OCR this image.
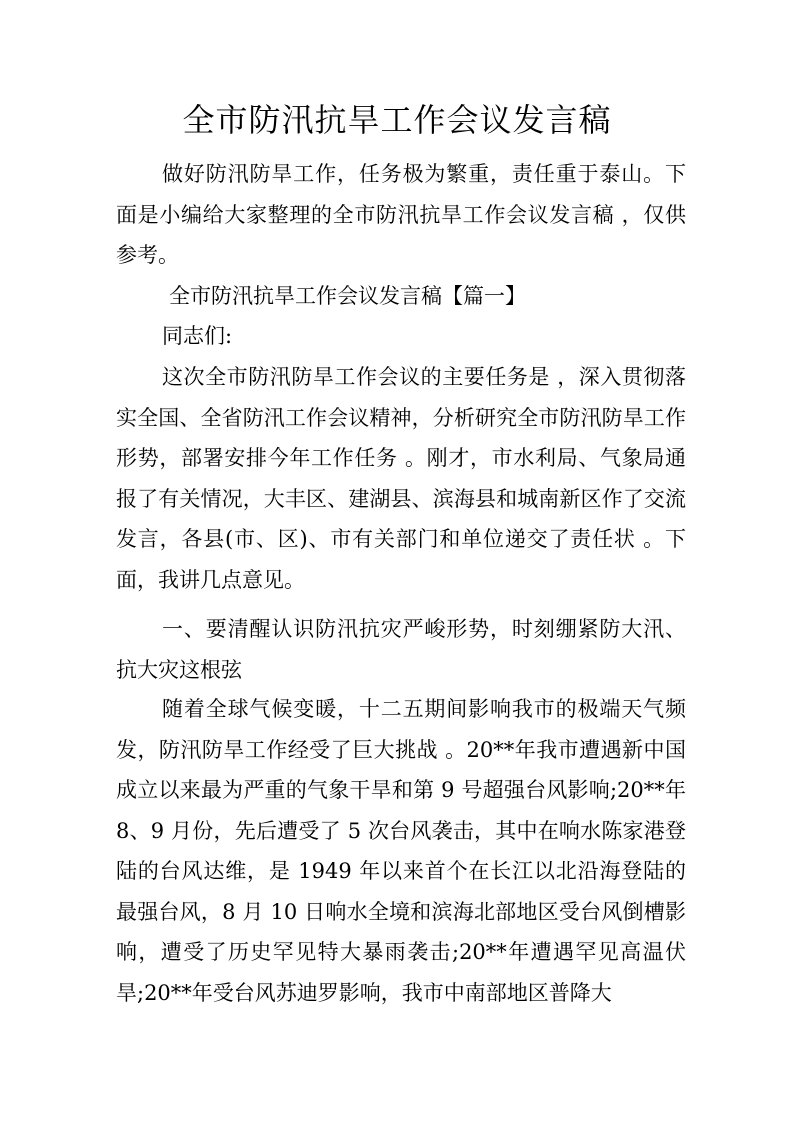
全市防汛抗旱工作会议发言稿

做好防汛防旱工作，任务极为繁重，责任重于泰山。下面是小编给大家整理的全市防汛抗旱工作会议发言稿 ，仅供参考。

全市防汛抗旱工作会议发言稿【篇一】

同志们:

这次全市防汛防旱工作会议的主要任务是 ，深入贯彻落实全国、全省防汛工作会议精神，分析研究全市防汛防旱工作形势，部署安排今年工作任务 。刚才，市水利局、气象局通报了有关情况，大丰区、建湖县、滨海县和城南新区作了交流发言，各县(市、区)、市有关部门和单位递交了责任状 。下面，我讲几点意见。

一、要清醒认识防汛抗灾严峻形势，时刻绷紧防大汛、抗大灾这根弦

随着全球气候变暖，十二五期间影响我市的极端天气频发，防汛防旱工作经受了巨大挑战 。20**年我市遭遇新中国成立以来最为严重的气象干旱和第 9 号超强台风影响;20**年 8、9 月份，先后遭受了 5 次台风袭击，其中在响水陈家港登陆的台风达维，是 1949 年以来首个在长江以北沿海登陆的最强台风，8 月 10 日响水全境和滨海北部地区受台风倒槽影响，遭受了历史罕见特大暴雨袭击;20**年遭遇罕见高温伏旱;20**年受台风苏迪罗影响，我市中南部地区普降大
